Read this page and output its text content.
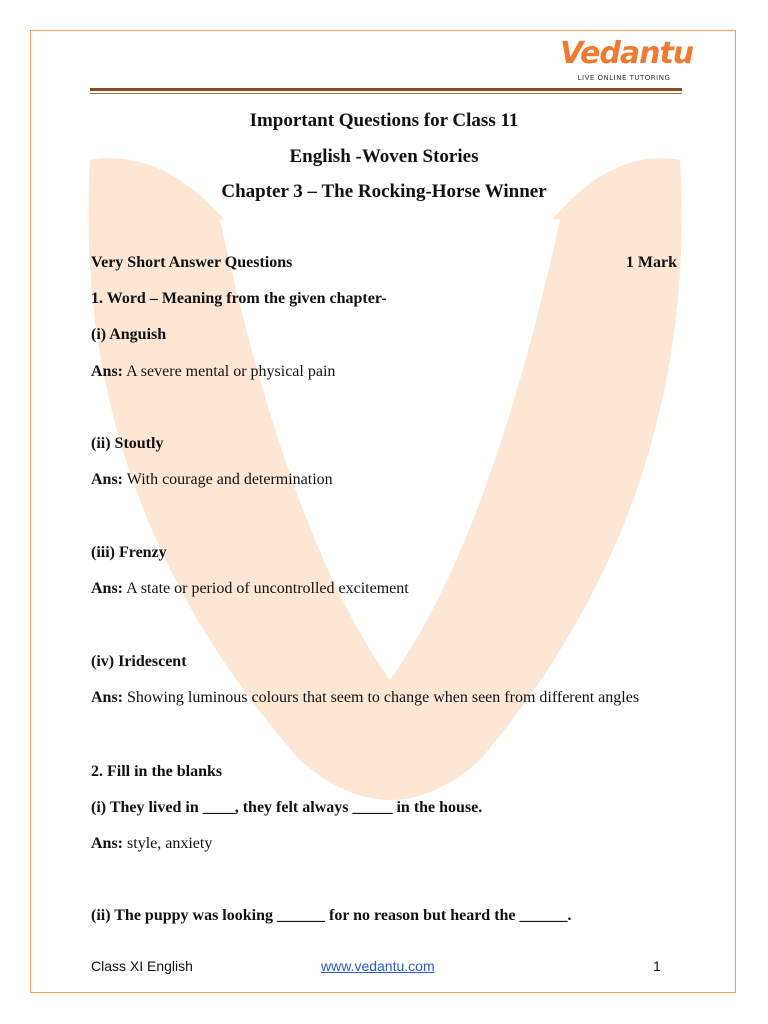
Vedantu
LIVE ONLINE TUTORING
Important Questions for Class 11
English -Woven Stories
Chapter 3 – The Rocking-Horse Winner
Very Short Answer Questions	1 Mark
1. Word – Meaning from the given chapter-
(i) Anguish
Ans: A severe mental or physical pain
(ii) Stoutly
Ans: With courage and determination
(iii) Frenzy
Ans: A state or period of uncontrolled excitement
(iv) Iridescent
Ans: Showing luminous colours that seem to change when seen from different angles
2. Fill in the blanks
(i) They lived in ____, they felt always _____ in the house.
Ans: style, anxiety
(ii) The puppy was looking ______ for no reason but heard the ______.
Class XI English	www.vedantu.com	1
